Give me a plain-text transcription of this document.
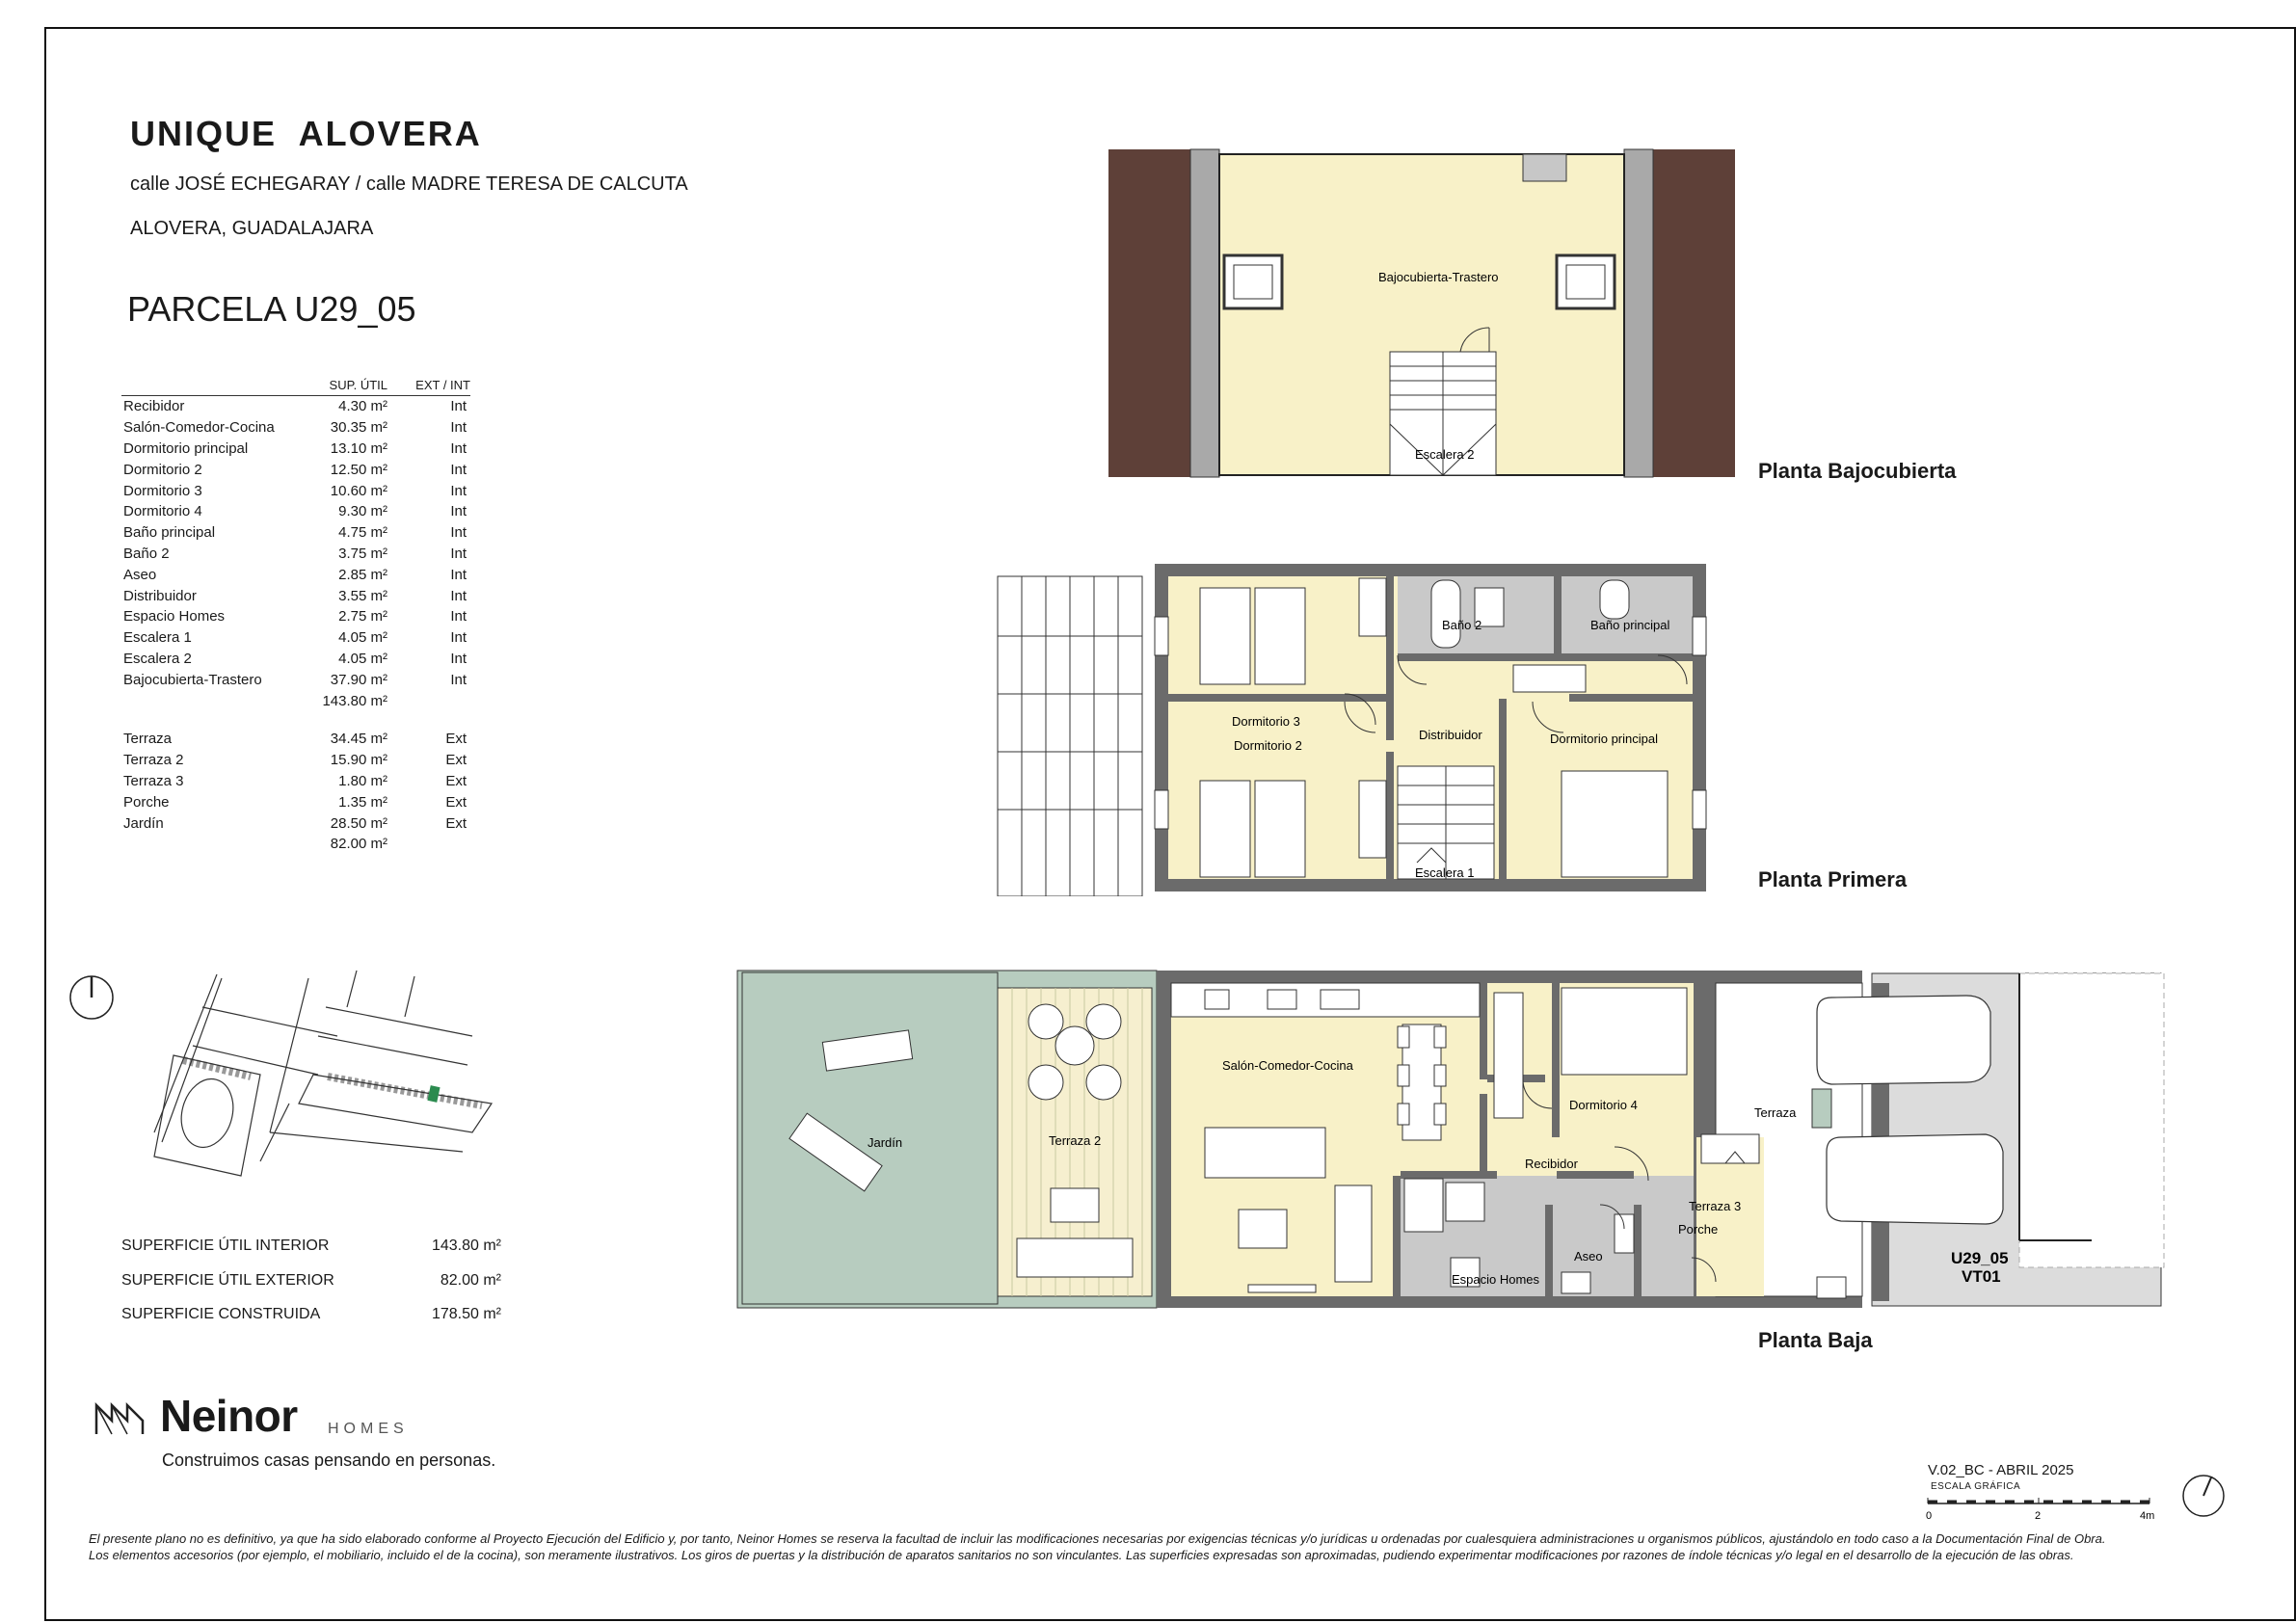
UNIQUE  ALOVERA
calle JOSÉ ECHEGARAY / calle MADRE TERESA DE CALCUTA
ALOVERA, GUADALAJARA
PARCELA U29_05
	SUP. ÚTIL	EXT / INT
Recibidor	4.30 m²	Int
Salón-Comedor-Cocina	30.35 m²	Int
Dormitorio principal	13.10 m²	Int
Dormitorio 2	12.50 m²	Int
Dormitorio 3	10.60 m²	Int
Dormitorio 4	9.30 m²	Int
Baño principal	4.75 m²	Int
Baño 2	3.75 m²	Int
Aseo	2.85 m²	Int
Distribuidor	3.55 m²	Int
Espacio Homes	2.75 m²	Int
Escalera 1	4.05 m²	Int
Escalera 2	4.05 m²	Int
Bajocubierta-Trastero	37.90 m²	Int
	143.80 m²	

Terraza	34.45 m²	Ext
Terraza 2	15.90 m²	Ext
Terraza 3	1.80 m²	Ext
Porche	1.35 m²	Ext
Jardín	28.50 m²	Ext
	82.00 m²	
SUPERFICIE ÚTIL INTERIOR	143.80 m²
SUPERFICIE ÚTIL EXTERIOR	82.00 m²
SUPERFICIE CONSTRUIDA	178.50 m²
Neinor HOMES
Construimos casas pensando en personas.
V.02_BC - ABRIL 2025
ESCALA GRÁFICA
0	2	4m
El presente plano no es definitivo, ya que ha sido elaborado conforme al Proyecto Ejecución del Edificio y, por tanto, Neinor Homes se reserva la facultad de incluir las modificaciones necesarias por exigencias técnicas y/o jurídicas u ordenadas por cualesquiera administraciones u organismos públicos, ajustándolo en todo caso a la Documentación Final de Obra.
Los elementos accesorios (por ejemplo, el mobiliario, incluido el de la cocina), son meramente ilustrativos. Los giros de puertas y la distribución de aparatos sanitarios no son vinculantes. Las superficies expresadas son aproximadas, pudiendo experimentar modificaciones por razones de índole técnicas y/o legal en el desarrollo de la ejecución de las obras.
Bajocubierta-Trastero
Escalera 2
Planta Bajocubierta
Dormitorio 3
Dormitorio 2
Baño 2	Baño principal
Distribuidor	Dormitorio principal
Escalera 1	Planta Primera
Jardín	Terraza 2
Salón-Comedor-Cocina
Dormitorio 4
Recibidor
Terraza 3
Porche
Aseo
Espacio Homes
Terraza
U29_05
VT01
Planta Baja
